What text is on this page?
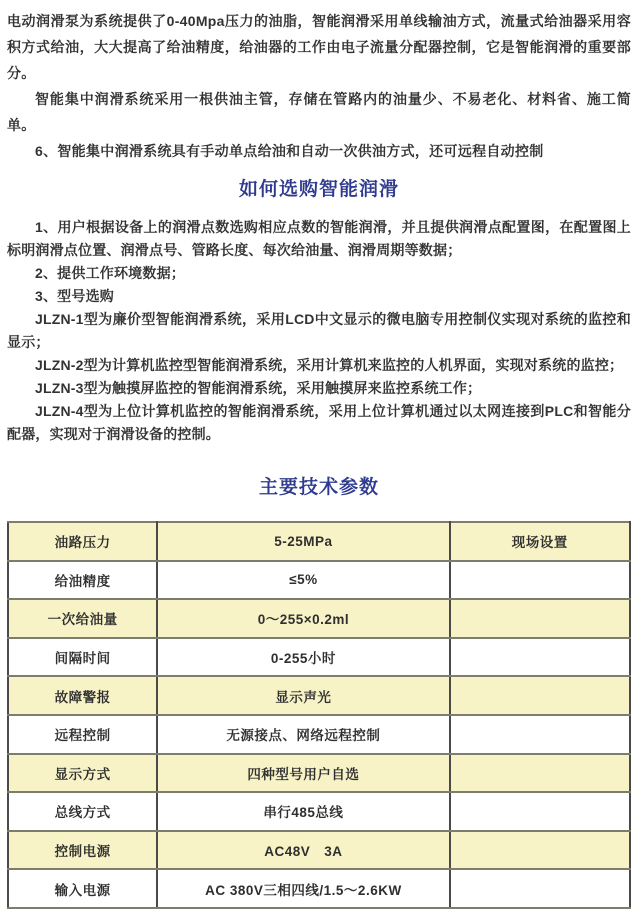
电动润滑泵为系统提供了0-40Mpa压力的油脂，智能润滑采用单线输油方式，流量式给油器采用容积方式给油，大大提高了给油精度，给油器的工作由电子流量分配器控制，它是智能润滑的重要部分。

智能集中润滑系统采用一根供油主管，存储在管路内的油量少、不易老化、材料省、施工简单。

6、智能集中润滑系统具有手动单点给油和自动一次供油方式，还可远程自动控制

如何选购智能润滑

1、用户根据设备上的润滑点数选购相应点数的智能润滑，并且提供润滑点配置图，在配置图上标明润滑点位置、润滑点号、管路长度、每次给油量、润滑周期等数据；

2、提供工作环境数据；

3、型号选购

JLZN-1型为廉价型智能润滑系统，采用LCD中文显示的微电脑专用控制仪实现对系统的监控和显示；

JLZN-2型为计算机监控型智能润滑系统，采用计算机来监控的人机界面，实现对系统的监控；

JLZN-3型为触摸屏监控的智能润滑系统，采用触摸屏来监控系统工作；

JLZN-4型为上位计算机监控的智能润滑系统，采用上位计算机通过以太网连接到PLC和智能分配器，实现对于润滑设备的控制。

主要技术参数
油路压力	5-25MPa	现场设置
给油精度	≤5%	
一次给油量	0～255×0.2ml	
间隔时间	0-255小时	
故障警报	显示声光	
远程控制	无源接点、网络远程控制	
显示方式	四种型号用户自选	
总线方式	串行485总线	
控制电源	AC48V　3A	
输入电源	AC 380V三相四线/1.5～2.6KW	
